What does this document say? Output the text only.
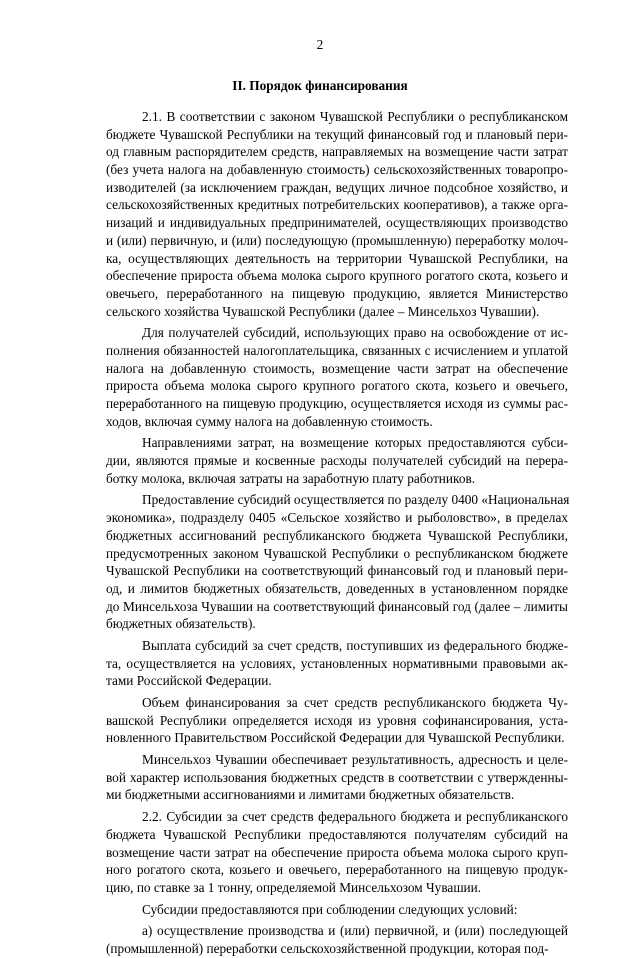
2
II. Порядок финансирования
2.1. В соответствии с законом Чувашской Республики о республиканском
бюджете Чувашской Республики на текущий финансовый год и плановый пери-
од главным распорядителем средств, направляемых на возмещение части затрат
(без учета налога на добавленную стоимость) сельскохозяйственных товаропро-
изводителей (за исключением граждан, ведущих личное подсобное хозяйство, и
сельскохозяйственных кредитных потребительских кооперативов), а также орга-
низаций и индивидуальных предпринимателей, осуществляющих производство
и (или) первичную, и (или) последующую (промышленную) переработку молоч-
ка, осуществляющих деятельность на территории Чувашской Республики, на
обеспечение прироста объема молока сырого крупного рогатого скота, козьего и
овечьего, переработанного на пищевую продукцию, является Министерство
сельского хозяйства Чувашской Республики (далее – Минсельхоз Чувашии).
Для получателей субсидий, использующих право на освобождение от ис-
полнения обязанностей налогоплательщика, связанных с исчислением и уплатой
налога на добавленную стоимость, возмещение части затрат на обеспечение
прироста объема молока сырого крупного рогатого скота, козьего и овечьего,
переработанного на пищевую продукцию, осуществляется исходя из суммы рас-
ходов, включая сумму налога на добавленную стоимость.
Направлениями затрат, на возмещение которых предоставляются субси-
дии, являются прямые и косвенные расходы получателей субсидий на перера-
ботку молока, включая затраты на заработную плату работников.
Предоставление субсидий осуществляется по разделу 0400 «Национальная
экономика», подразделу 0405 «Сельское хозяйство и рыболовство», в пределах
бюджетных ассигнований республиканского бюджета Чувашской Республики,
предусмотренных законом Чувашской Республики о республиканском бюджете
Чувашской Республики на соответствующий финансовый год и плановый пери-
од, и лимитов бюджетных обязательств, доведенных в установленном порядке
до Минсельхоза Чувашии на соответствующий финансовый год (далее – лимиты
бюджетных обязательств).
Выплата субсидий за счет средств, поступивших из федерального бюдже-
та, осуществляется на условиях, установленных нормативными правовыми ак-
тами Российской Федерации.
Объем финансирования за счет средств республиканского бюджета Чу-
вашской Республики определяется исходя из уровня софинансирования, уста-
новленного Правительством Российской Федерации для Чувашской Республики.
Минсельхоз Чувашии обеспечивает результативность, адресность и целе-
вой характер использования бюджетных средств в соответствии с утвержденны-
ми бюджетными ассигнованиями и лимитами бюджетных обязательств.
2.2. Субсидии за счет средств федерального бюджета и республиканского
бюджета Чувашской Республики предоставляются получателям субсидий на
возмещение части затрат на обеспечение прироста объема молока сырого круп-
ного рогатого скота, козьего и овечьего, переработанного на пищевую продук-
цию, по ставке за 1 тонну, определяемой Минсельхозом Чувашии.
Субсидии предоставляются при соблюдении следующих условий:
а) осуществление производства и (или) первичной, и (или) последующей
(промышленной) переработки сельскохозяйственной продукции, которая под-
